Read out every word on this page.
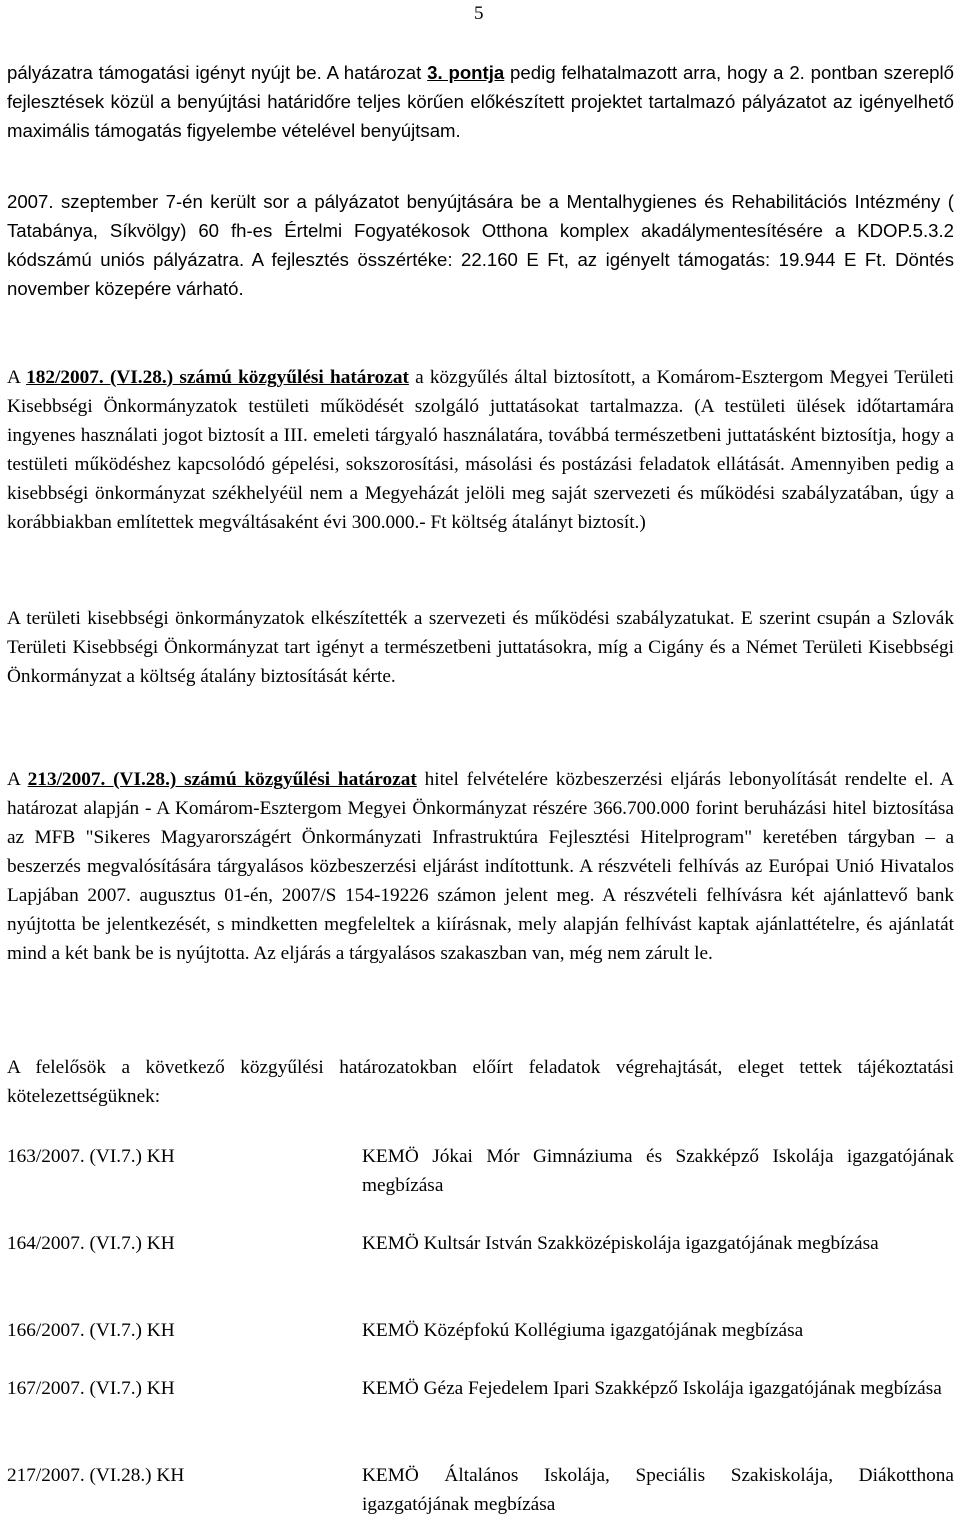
5

pályázatra támogatási igényt nyújt be. A határozat 3. pontja pedig felhatalmazott arra, hogy a 2. pontban szereplő fejlesztések közül a benyújtási határidőre teljes körűen előkészített projektet tartalmazó pályázatot az igényelhető maximális támogatás figyelembe vételével benyújtsam.

2007. szeptember 7-én került sor a pályázatot benyújtására be a Mentalhygienes és Rehabilitációs Intézmény ( Tatabánya, Síkvölgy) 60 fh-es Értelmi Fogyatékosok Otthona komplex akadálymentesítésére a KDOP.5.3.2 kódszámú uniós pályázatra. A fejlesztés összértéke: 22.160 E Ft, az igényelt támogatás: 19.944 E Ft. Döntés november közepére várható.

A 182/2007. (VI.28.) számú közgyűlési határozat a közgyűlés által biztosított, a Komárom-Esztergom Megyei Területi Kisebbségi Önkormányzatok testületi működését szolgáló juttatásokat tartalmazza. (A testületi ülések időtartamára ingyenes használati jogot biztosít a III. emeleti tárgyaló használatára, továbbá természetbeni juttatásként biztosítja, hogy a testületi működéshez kapcsolódó gépelési, sokszorosítási, másolási és postázási feladatok ellátását. Amennyiben pedig a kisebbségi önkormányzat székhelyéül nem a Megyeházát jelöli meg saját szervezeti és működési szabályzatában, úgy a korábbiakban említettek megváltásaként évi 300.000.- Ft költség átalányt biztosít.)

A területi kisebbségi önkormányzatok elkészítették a szervezeti és működési szabályzatukat. E szerint csupán a Szlovák Területi Kisebbségi Önkormányzat tart igényt a természetbeni juttatásokra, míg a Cigány és a Német Területi Kisebbségi Önkormányzat a költség átalány biztosítását kérte.

A 213/2007. (VI.28.) számú közgyűlési határozat hitel felvételére közbeszerzési eljárás lebonyolítását rendelte el. A határozat alapján - A Komárom-Esztergom Megyei Önkormányzat részére 366.700.000 forint beruházási hitel biztosítása az MFB "Sikeres Magyarországért Önkormányzati Infrastruktúra Fejlesztési Hitelprogram" keretében tárgyban – a beszerzés megvalósítására tárgyalásos közbeszerzési eljárást indítottunk. A részvételi felhívás az Európai Unió Hivatalos Lapjában 2007. augusztus 01-én, 2007/S 154-19226 számon jelent meg. A részvételi felhívásra két ajánlattevő bank nyújtotta be jelentkezését, s mindketten megfeleltek a kiírásnak, mely alapján felhívást kaptak ajánlattételre, és ajánlatát mind a két bank be is nyújtotta. Az eljárás a tárgyalásos szakaszban van, még nem zárult le.

A felelősök a következő közgyűlési határozatokban előírt feladatok végrehajtását, eleget tettek tájékoztatási kötelezettségüknek:

163/2007. (VI.7.) KH	KEMÖ Jókai Mór Gimnáziuma és Szakképző Iskolája igazgatójának megbízása
164/2007. (VI.7.) KH	KEMÖ Kultsár István Szakközépiskolája igazgatójának megbízása
166/2007. (VI.7.) KH	KEMÖ Középfokú Kollégiuma igazgatójának megbízása
167/2007. (VI.7.) KH	KEMÖ Géza Fejedelem Ipari Szakképző Iskolája igazgatójának megbízása
217/2007. (VI.28.) KH	KEMÖ Általános Iskolája, Speciális Szakiskolája, Diákotthona igazgatójának megbízása
